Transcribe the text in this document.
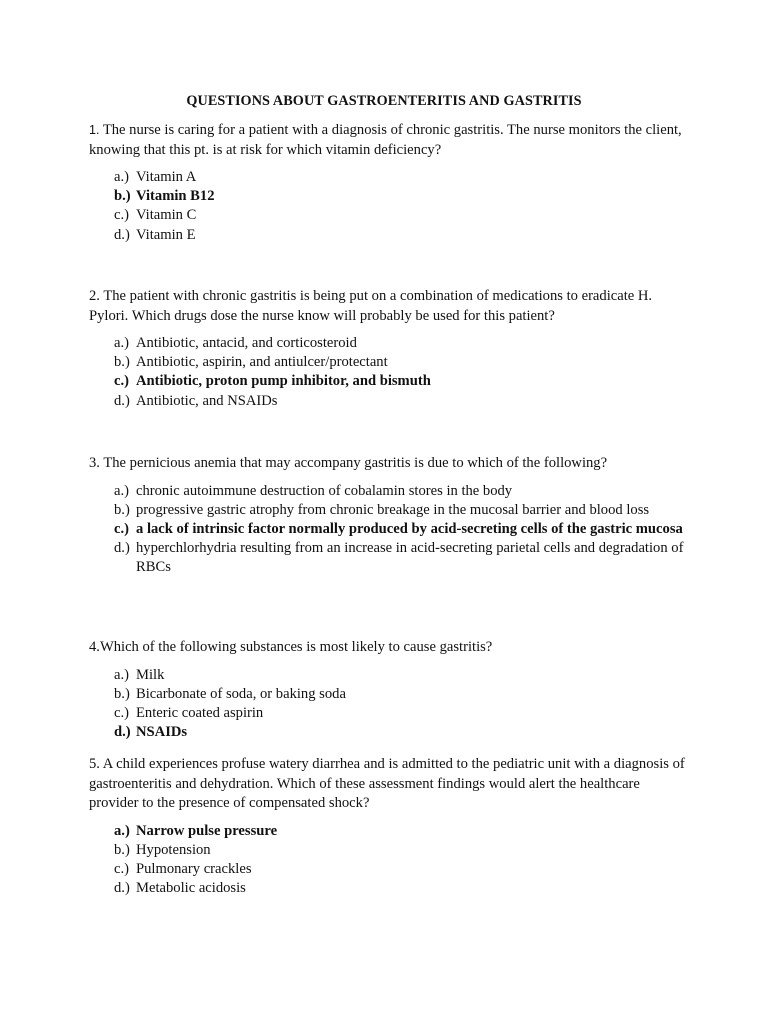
QUESTIONS ABOUT GASTROENTERITIS AND GASTRITIS

1. The nurse is caring for a patient with a diagnosis of chronic gastritis. The nurse monitors the client, knowing that this pt. is at risk for which vitamin deficiency?

a.) Vitamin A
b.) Vitamin B12
c.) Vitamin C
d.) Vitamin E

2. The patient with chronic gastritis is being put on a combination of medications to eradicate H. Pylori. Which drugs dose the nurse know will probably be used for this patient?

a.) Antibiotic, antacid, and corticosteroid
b.) Antibiotic, aspirin, and antiulcer/protectant
c.) Antibiotic, proton pump inhibitor, and bismuth
d.) Antibiotic, and NSAIDs

3. The pernicious anemia that may accompany gastritis is due to which of the following?

a.) chronic autoimmune destruction of cobalamin stores in the body
b.) progressive gastric atrophy from chronic breakage in the mucosal barrier and blood loss
c.) a lack of intrinsic factor normally produced by acid-secreting cells of the gastric mucosa
d.) hyperchlorhydria resulting from an increase in acid-secreting parietal cells and degradation of RBCs

4.Which of the following substances is most likely to cause gastritis?

a.) Milk
b.) Bicarbonate of soda, or baking soda
c.) Enteric coated aspirin
d.) NSAIDs

5. A child experiences profuse watery diarrhea and is admitted to the pediatric unit with a diagnosis of gastroenteritis and dehydration. Which of these assessment findings would alert the healthcare provider to the presence of compensated shock?

a.) Narrow pulse pressure
b.) Hypotension
c.) Pulmonary crackles
d.) Metabolic acidosis
